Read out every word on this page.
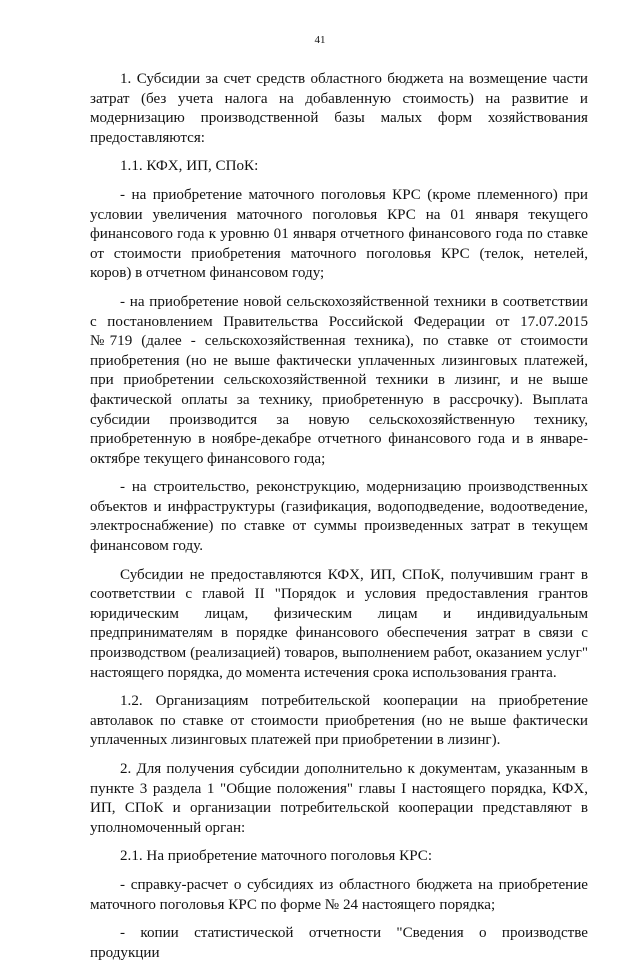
41

1. Субсидии за счет средств областного бюджета на возмещение части затрат (без учета налога на добавленную стоимость) на развитие и модернизацию производственной базы малых форм хозяйствования предоставляются:

1.1. КФХ, ИП, СПоК:

- на приобретение маточного поголовья КРС (кроме племенного) при условии увеличения маточного поголовья КРС на 01 января текущего финансового года к уровню 01 января отчетного финансового года по ставке от стоимости приобретения маточного поголовья КРС (телок, нетелей, коров) в отчетном финансовом году;

- на приобретение новой сельскохозяйственной техники в соответствии с постановлением Правительства Российской Федерации от 17.07.2015 №719 (далее - сельскохозяйственная техника), по ставке от стоимости приобретения (но не выше фактически уплаченных лизинговых платежей, при приобретении сельскохозяйственной техники в лизинг, и не выше фактической оплаты за технику, приобретенную в рассрочку). Выплата субсидии производится за новую сельскохозяйственную технику, приобретенную в ноябре-декабре отчетного финансового года и в январе-октябре текущего финансового года;

- на строительство, реконструкцию, модернизацию производственных объектов и инфраструктуры (газификация, водоподведение, водоотведение, электроснабжение) по ставке от суммы произведенных затрат в текущем финансовом году.

Субсидии не предоставляются КФХ, ИП, СПоК, получившим грант в соответствии с главой II "Порядок и условия предоставления грантов юридическим лицам, физическим лицам и индивидуальным предпринимателям в порядке финансового обеспечения затрат в связи с производством (реализацией) товаров, выполнением работ, оказанием услуг" настоящего порядка, до момента истечения срока использования гранта.

1.2. Организациям потребительской кооперации на приобретение автолавок по ставке от стоимости приобретения (но не выше фактически уплаченных лизинговых платежей при приобретении в лизинг).

2. Для получения субсидии дополнительно к документам, указанным в пункте 3 раздела 1 "Общие положения" главы I настоящего порядка, КФХ, ИП, СПоК и организации потребительской кооперации представляют в уполномоченный орган:

2.1. На приобретение маточного поголовья КРС:

- справку-расчет о субсидиях из областного бюджета на приобретение маточного поголовья КРС по форме № 24 настоящего порядка;

- копии статистической отчетности "Сведения о производстве продукции
